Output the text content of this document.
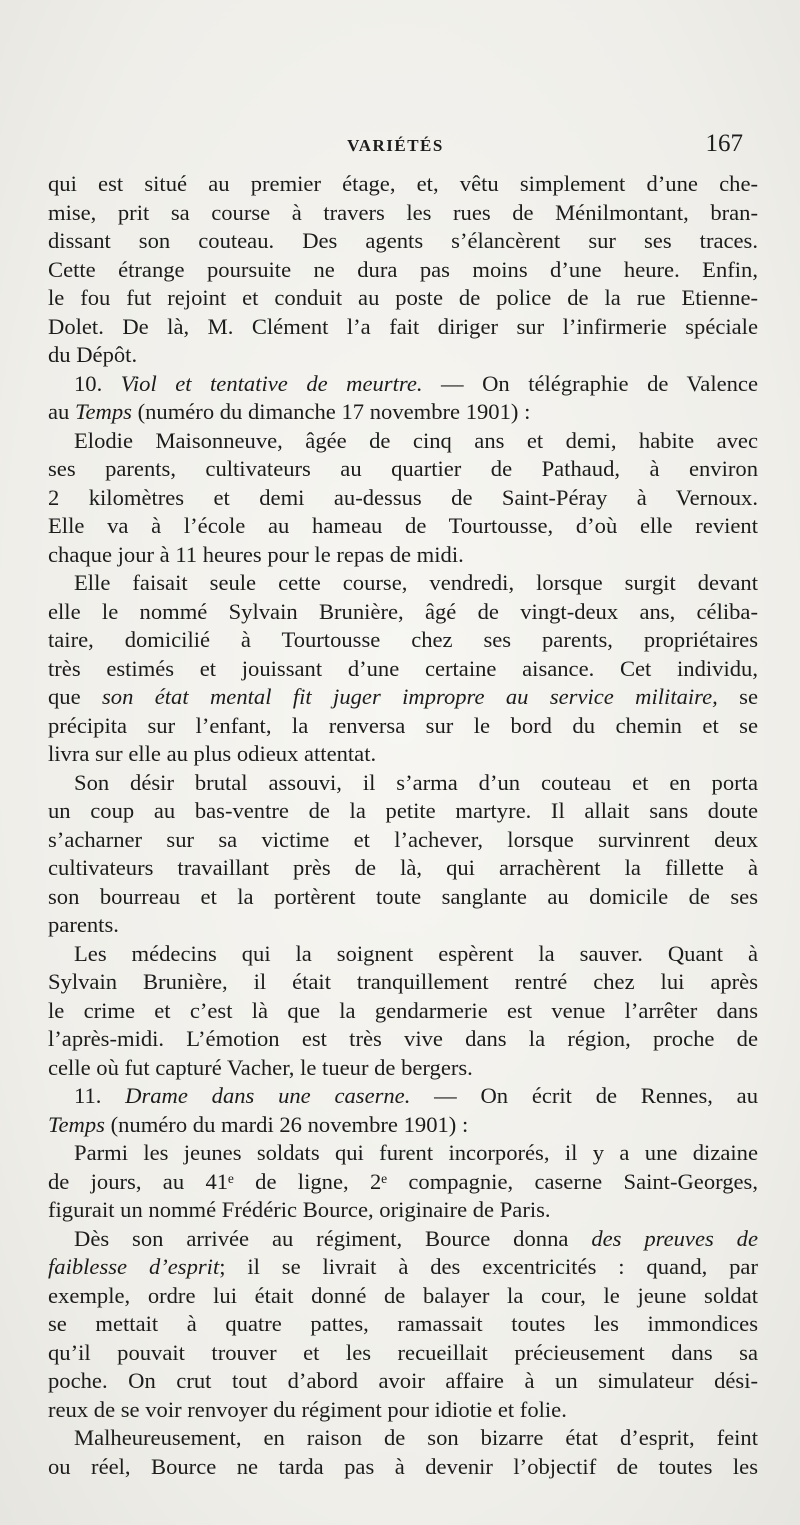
VARIÉTÉS	167
qui est situé au premier étage, et, vêtu simplement d’une che-
mise, prit sa course à travers les rues de Ménilmontant, bran-
dissant son couteau. Des agents s’élancèrent sur ses traces.
Cette étrange poursuite ne dura pas moins d’une heure. Enfin,
le fou fut rejoint et conduit au poste de police de la rue Etienne-
Dolet. De là, M. Clément l’a fait diriger sur l’infirmerie spéciale
du Dépôt.
10. Viol et tentative de meurtre. — On télégraphie de Valence
au Temps (numéro du dimanche 17 novembre 1901) :
Elodie Maisonneuve, âgée de cinq ans et demi, habite avec
ses parents, cultivateurs au quartier de Pathaud, à environ
2 kilomètres et demi au-dessus de Saint-Péray à Vernoux.
Elle va à l’école au hameau de Tourtousse, d’où elle revient
chaque jour à 11 heures pour le repas de midi.
Elle faisait seule cette course, vendredi, lorsque surgit devant
elle le nommé Sylvain Brunière, âgé de vingt-deux ans, céliba-
taire, domicilié à Tourtousse chez ses parents, propriétaires
très estimés et jouissant d’une certaine aisance. Cet individu,
que son état mental fit juger impropre au service militaire, se
précipita sur l’enfant, la renversa sur le bord du chemin et se
livra sur elle au plus odieux attentat.
Son désir brutal assouvi, il s’arma d’un couteau et en porta
un coup au bas-ventre de la petite martyre. Il allait sans doute
s’acharner sur sa victime et l’achever, lorsque survinrent deux
cultivateurs travaillant près de là, qui arrachèrent la fillette à
son bourreau et la portèrent toute sanglante au domicile de ses
parents.
Les médecins qui la soignent espèrent la sauver. Quant à
Sylvain Brunière, il était tranquillement rentré chez lui après
le crime et c’est là que la gendarmerie est venue l’arrêter dans
l’après-midi. L’émotion est très vive dans la région, proche de
celle où fut capturé Vacher, le tueur de bergers.
11. Drame dans une caserne. — On écrit de Rennes, au
Temps (numéro du mardi 26 novembre 1901) :
Parmi les jeunes soldats qui furent incorporés, il y a une dizaine
de jours, au 41ᵉ de ligne, 2ᵉ compagnie, caserne Saint-Georges,
figurait un nommé Frédéric Bource, originaire de Paris.
Dès son arrivée au régiment, Bource donna des preuves de
faiblesse d’esprit; il se livrait à des excentricités : quand, par
exemple, ordre lui était donné de balayer la cour, le jeune soldat
se mettait à quatre pattes, ramassait toutes les immondices
qu’il pouvait trouver et les recueillait précieusement dans sa
poche. On crut tout d’abord avoir affaire à un simulateur dési-
reux de se voir renvoyer du régiment pour idiotie et folie.
Malheureusement, en raison de son bizarre état d’esprit, feint
ou réel, Bource ne tarda pas à devenir l’objectif de toutes les
